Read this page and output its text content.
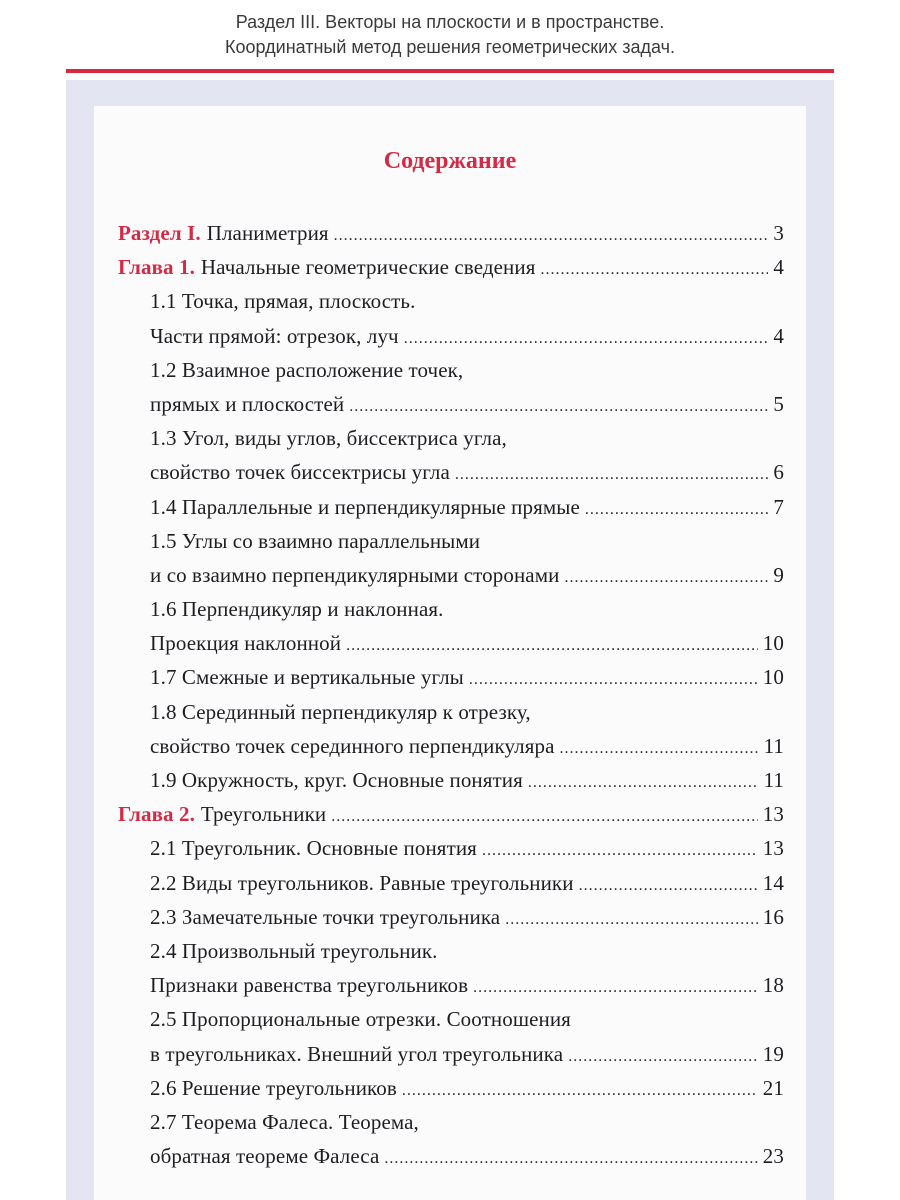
Раздел III. Векторы на плоскости и в пространстве.
Координатный метод решения геометрических задач.
Содержание
Раздел I. Планиметрия .....	3
Глава 1. Начальные геометрические сведения .....	4
1.1 Точка, прямая, плоскость.
Части прямой: отрезок, луч .....	4
1.2 Взаимное расположение точек,
прямых и плоскостей .....	5
1.3 Угол, виды углов, биссектриса угла,
свойство точек биссектрисы угла .....	6
1.4 Параллельные и перпендикулярные прямые .....	7
1.5 Углы со взаимно параллельными
и со взаимно перпендикулярными сторонами .....	9
1.6 Перпендикуляр и наклонная.
Проекция наклонной .....	10
1.7 Смежные и вертикальные углы .....	10
1.8 Серединный перпендикуляр к отрезку,
свойство точек серединного перпендикуляра .....	11
1.9 Окружность, круг. Основные понятия .....	11
Глава 2. Треугольники .....	13
2.1 Треугольник. Основные понятия .....	13
2.2 Виды треугольников. Равные треугольники .....	14
2.3 Замечательные точки треугольника .....	16
2.4 Произвольный треугольник.
Признаки равенства треугольников .....	18
2.5 Пропорциональные отрезки. Соотношения
в треугольниках. Внешний угол треугольника .....	19
2.6 Решение треугольников .....	21
2.7 Теорема Фалеса. Теорема,
обратная теореме Фалеса .....	23
